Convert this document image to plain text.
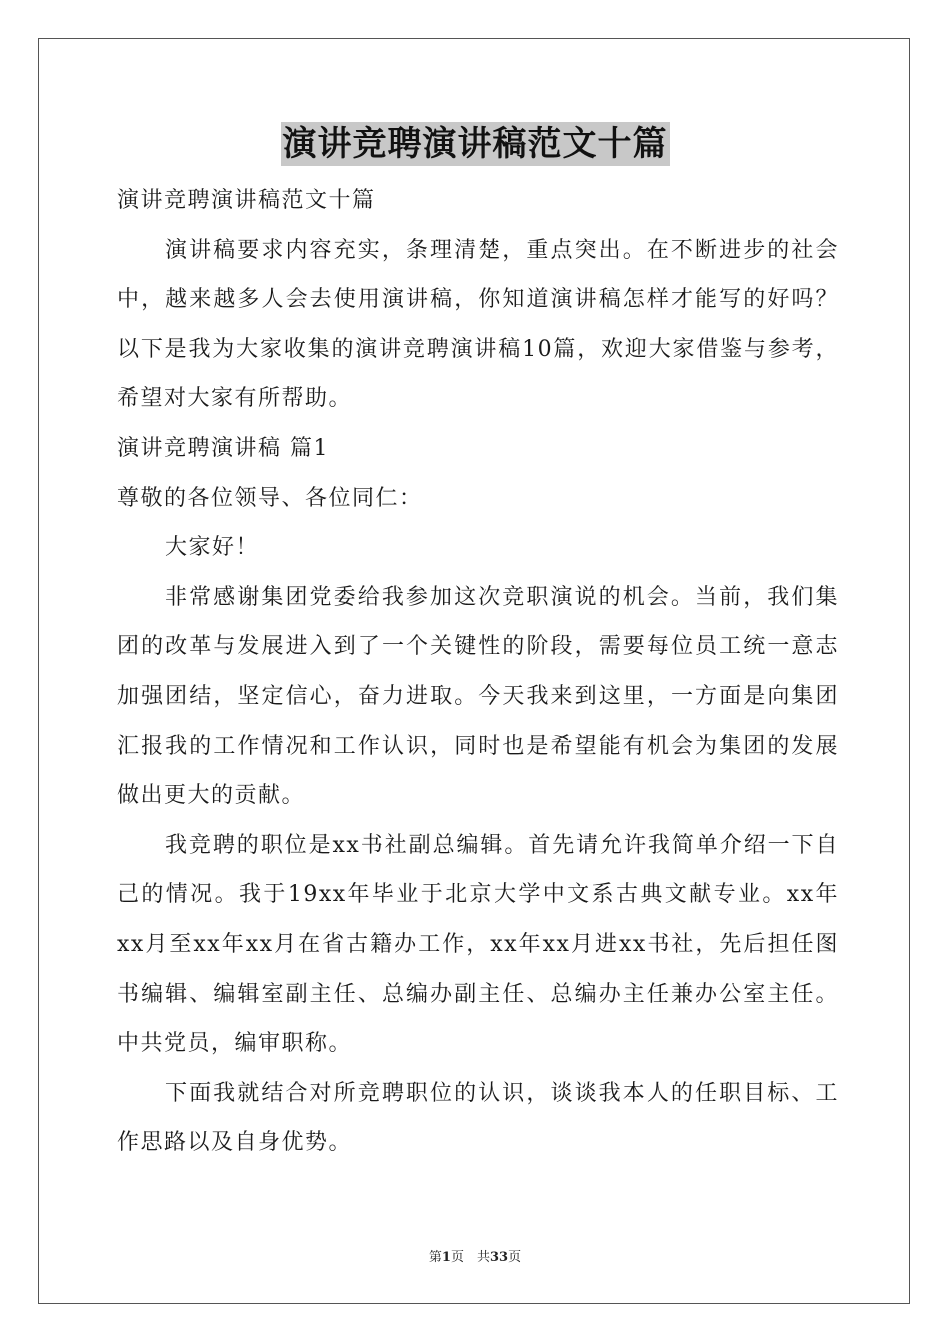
演讲竞聘演讲稿范文十篇

演讲竞聘演讲稿范文十篇

演讲稿要求内容充实，条理清楚，重点突出。在不断进步的社会中，越来越多人会去使用演讲稿，你知道演讲稿怎样才能写的好吗？以下是我为大家收集的演讲竞聘演讲稿10篇，欢迎大家借鉴与参考，希望对大家有所帮助。

演讲竞聘演讲稿 篇1

尊敬的各位领导、各位同仁：

大家好！

非常感谢集团党委给我参加这次竞职演说的机会。当前，我们集团的改革与发展进入到了一个关键性的阶段，需要每位员工统一意志加强团结，坚定信心，奋力进取。今天我来到这里，一方面是向集团汇报我的工作情况和工作认识，同时也是希望能有机会为集团的发展做出更大的贡献。

我竞聘的职位是xx书社副总编辑。首先请允许我简单介绍一下自己的情况。我于19xx年毕业于北京大学中文系古典文献专业。xx年xx月至xx年xx月在省古籍办工作，xx年xx月进xx书社，先后担任图书编辑、编辑室副主任、总编办副主任、总编办主任兼办公室主任。中共党员，编审职称。

下面我就结合对所竞聘职位的认识，谈谈我本人的任职目标、工作思路以及自身优势。

第1页　共33页
